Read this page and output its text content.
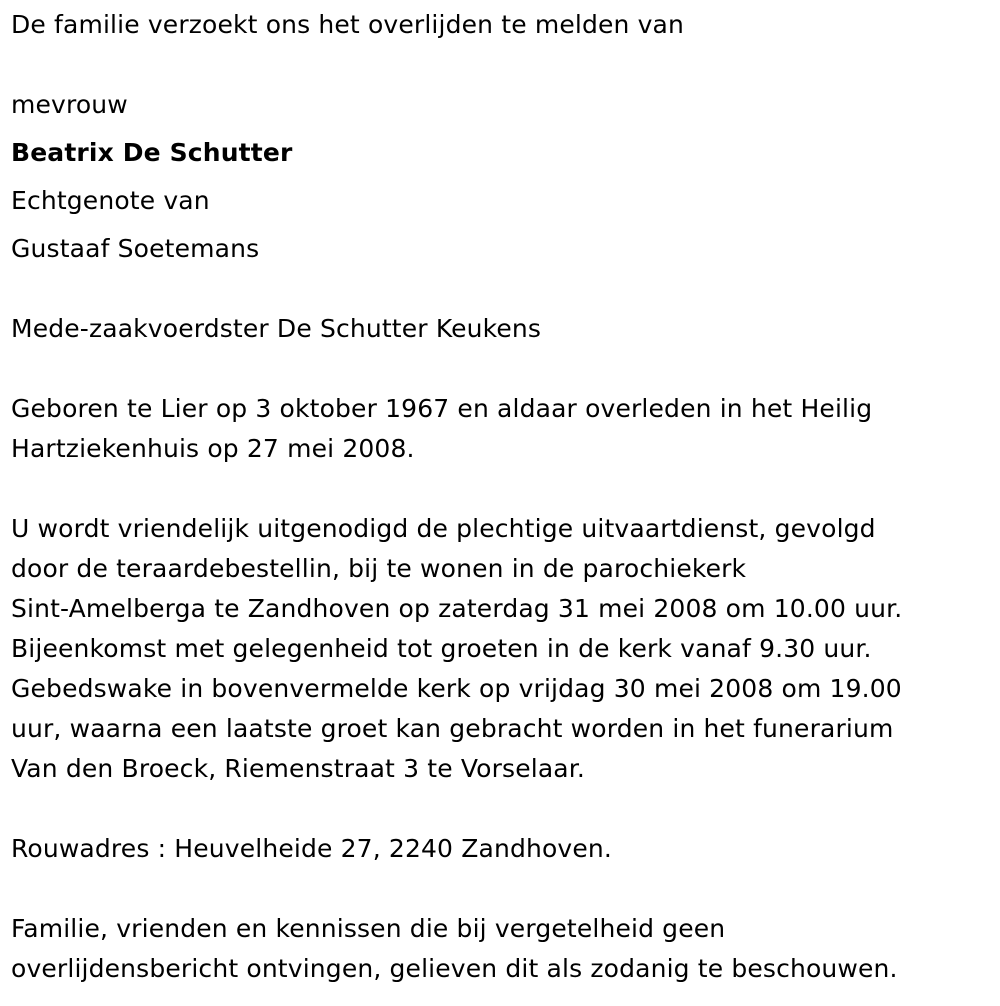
De familie verzoekt ons het overlijden te melden van
mevrouw
Beatrix De Schutter
Echtgenote van
Gustaaf Soetemans
Mede-zaakvoerdster De Schutter Keukens
Geboren te Lier op 3 oktober 1967 en aldaar overleden in het Heilig
Hartziekenhuis op 27 mei 2008.
U wordt vriendelijk uitgenodigd de plechtige uitvaartdienst, gevolgd
door de teraardebestellin, bij te wonen in de parochiekerk
Sint-Amelberga te Zandhoven op zaterdag 31 mei 2008 om 10.00 uur.
Bijeenkomst met gelegenheid tot groeten in de kerk vanaf 9.30 uur.
Gebedswake in bovenvermelde kerk op vrijdag 30 mei 2008 om 19.00
uur, waarna een laatste groet kan gebracht worden in het funerarium
Van den Broeck, Riemenstraat 3 te Vorselaar.
Rouwadres : Heuvelheide 27, 2240 Zandhoven.
Familie, vrienden en kennissen die bij vergetelheid geen
overlijdensbericht ontvingen, gelieven dit als zodanig te beschouwen.
